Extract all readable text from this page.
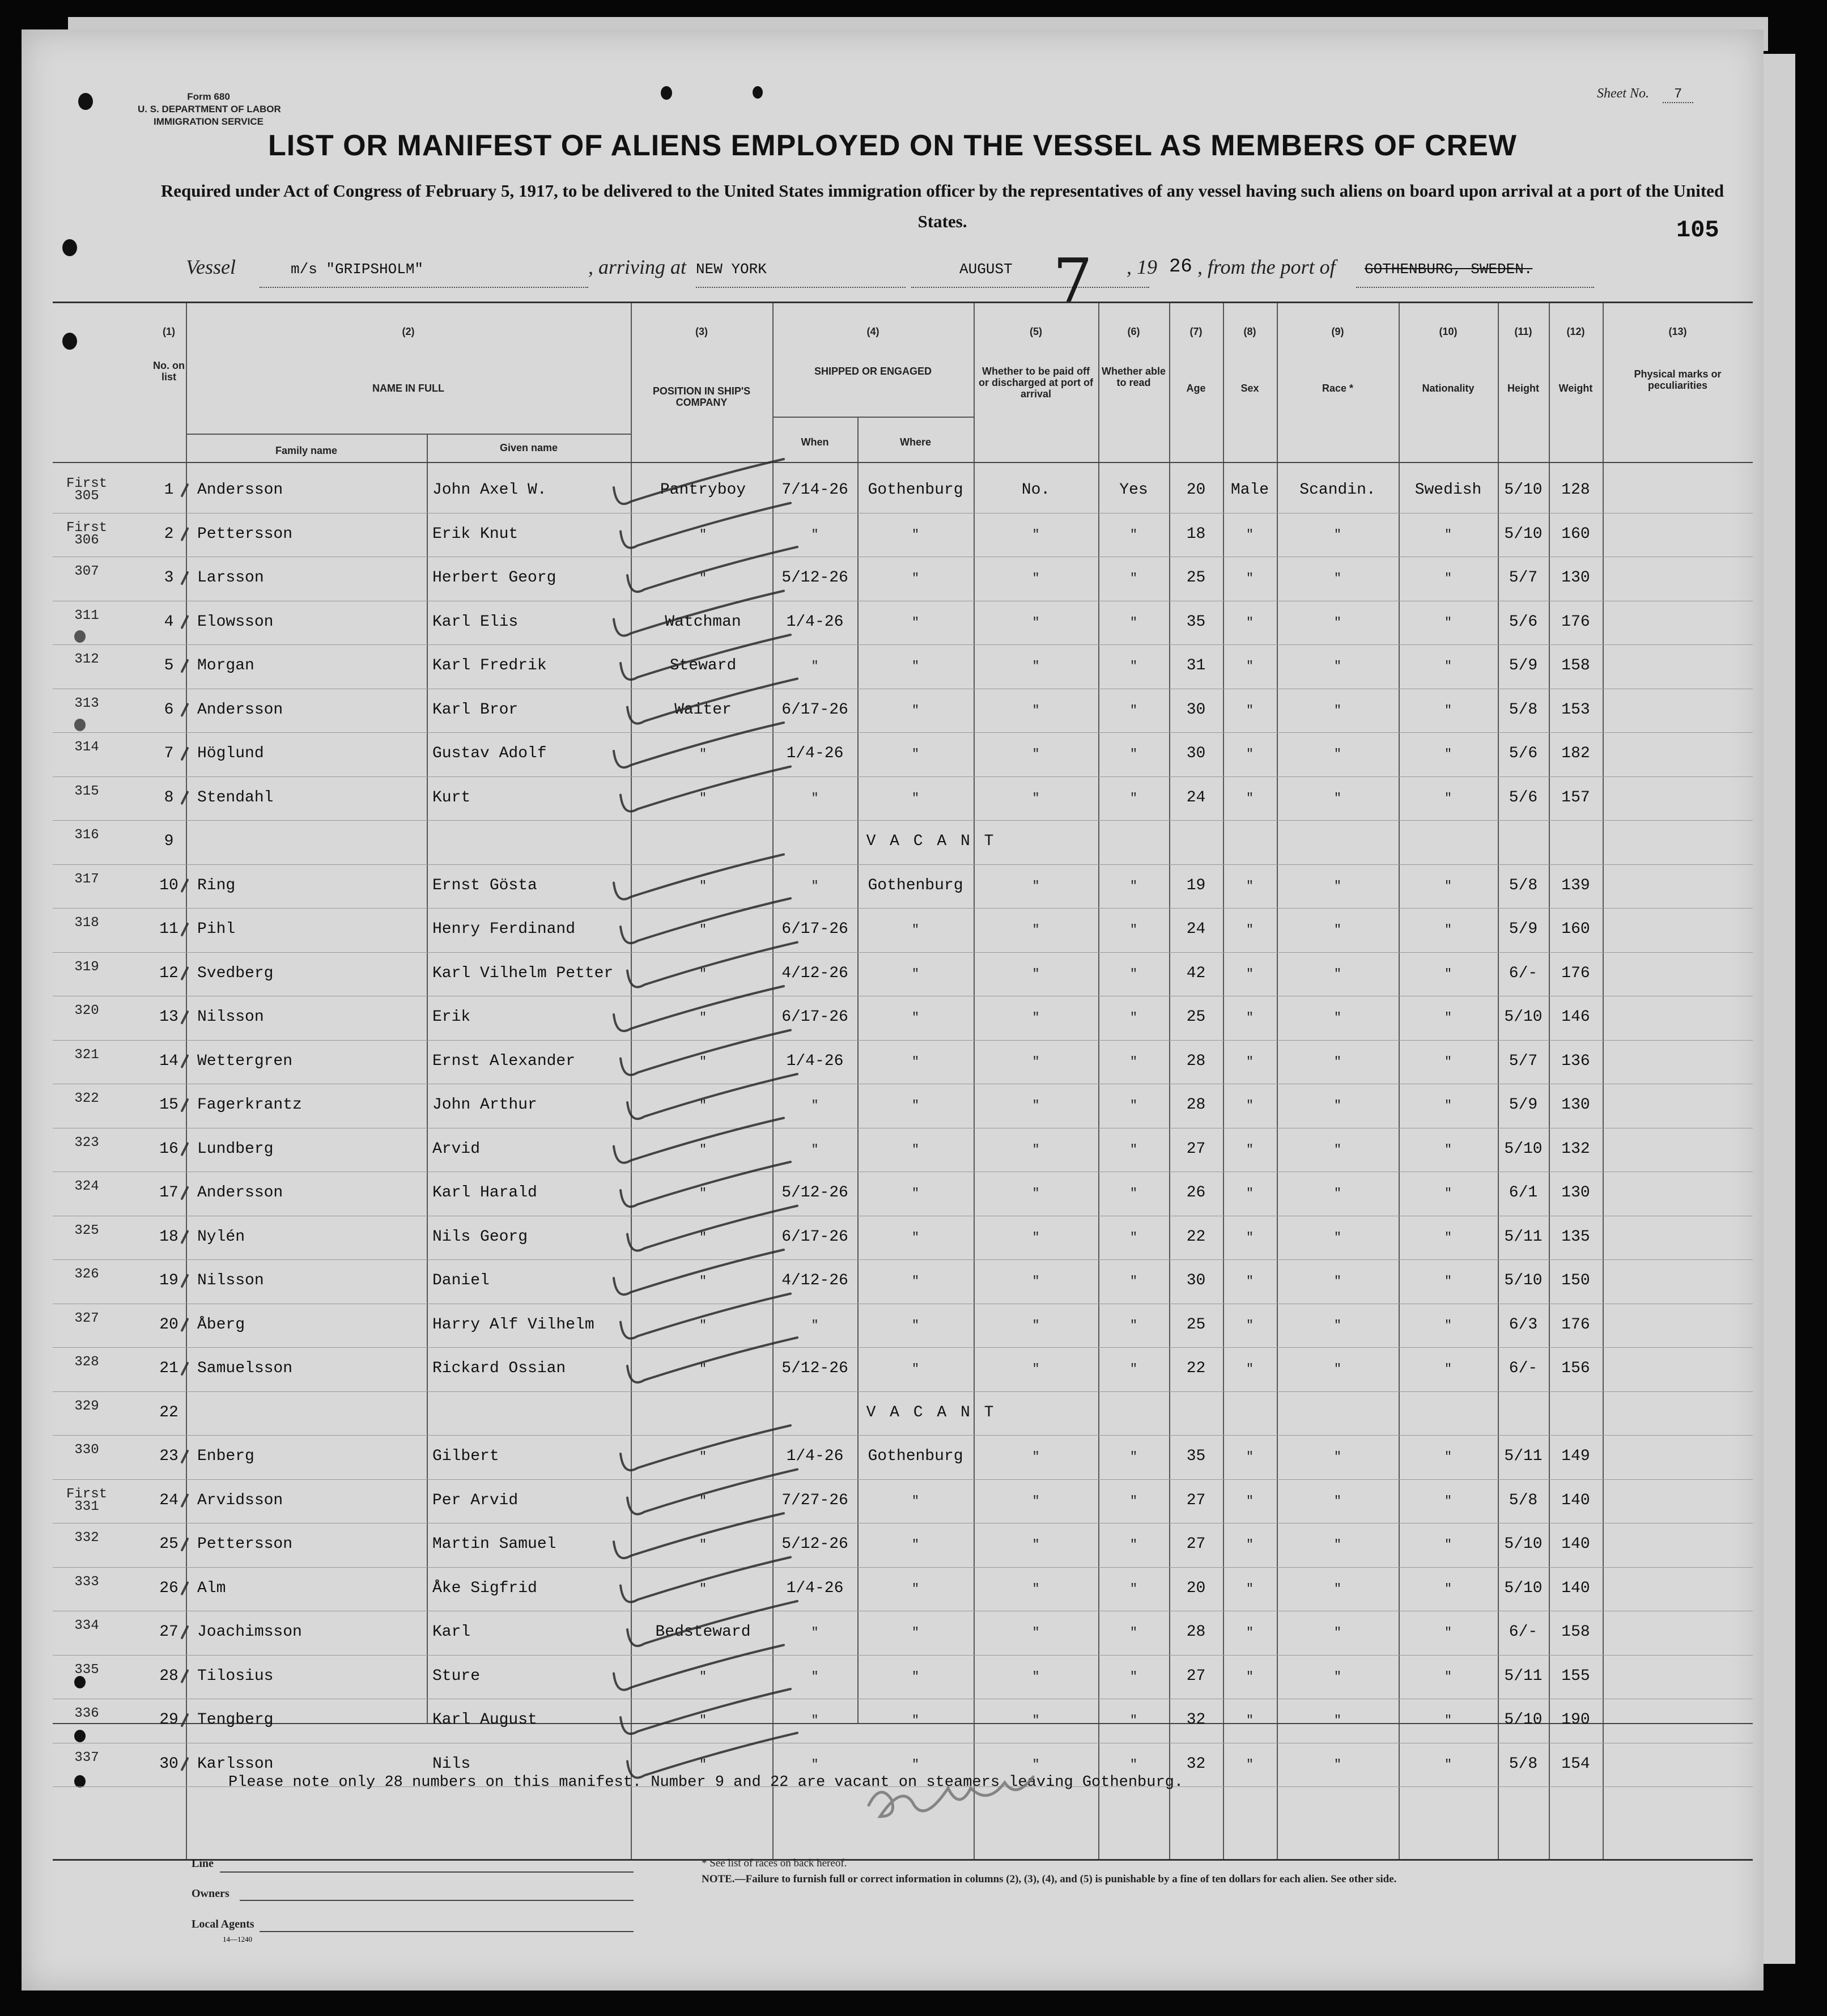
Form 680
U. S. DEPARTMENT OF LABOR
IMMIGRATION SERVICE
Sheet No. 7
LIST OR MANIFEST OF ALIENS EMPLOYED ON THE VESSEL AS MEMBERS OF CREW
Required under Act of Congress of February 5, 1917, to be delivered to the United States immigration officer by the representatives of any vessel having such aliens on board upon arrival at a port of the United States.	105
Vessel	m/s "GRIPSHOLM"	, arriving at NEW YORK	AUGUST 7 , 19 26 , from the port of GOTHENBURG, SWEDEN.
(1)
No. on list
(2)
NAME IN FULL
Family name	Given name
(3)
POSITION IN SHIP'S COMPANY
(4)
SHIPPED OR ENGAGED
When	Where
(5)
Whether to be paid off or discharged at port of arrival
(6)
Whether able to read
(7)
Age
(8)
Sex
(9)
Race *
(10)
Nationality
(11)
Height
(12)
Weight
(13)
Physical marks or peculiarities
First 305	1	Andersson	John Axel W.	Pantryboy	7/14-26	Gothenburg	No.	Yes	20	Male	Scandin.	Swedish	5/10	128
First 306	2	Pettersson	Erik Knut	"	"	"	"	"	18	"	"	"	5/10	160
307	3	Larsson	Herbert Georg	"	5/12-26	"	"	"	25	"	"	"	5/7	130
311	4	Elowsson	Karl Elis	Watchman	1/4-26	"	"	"	35	"	"	"	5/6	176
312	5	Morgan	Karl Fredrik	Steward	"	"	"	"	31	"	"	"	5/9	158
313	6	Andersson	Karl Bror	Waiter	6/17-26	"	"	"	30	"	"	"	5/8	153
314	7	Höglund	Gustav Adolf	"	1/4-26	"	"	"	30	"	"	"	5/6	182
315	8	Stendahl	Kurt	"	"	"	"	"	24	"	"	"	5/6	157
316	9	V A C A N T
317	10	Ring	Ernst Gösta	"	"	Gothenburg	"	"	19	"	"	"	5/8	139
318	11	Pihl	Henry Ferdinand	"	6/17-26	"	"	"	24	"	"	"	5/9	160
319	12	Svedberg	Karl Vilhelm Petter	"	4/12-26	"	"	"	42	"	"	"	6/-	176
320	13	Nilsson	Erik	"	6/17-26	"	"	"	25	"	"	"	5/10	146
321	14	Wettergren	Ernst Alexander	"	1/4-26	"	"	"	28	"	"	"	5/7	136
322	15	Fagerkrantz	John Arthur	"	"	"	"	"	28	"	"	"	5/9	130
323	16	Lundberg	Arvid	"	"	"	"	"	27	"	"	"	5/10	132
324	17	Andersson	Karl Harald	"	5/12-26	"	"	"	26	"	"	"	6/1	130
325	18	Nylén	Nils Georg	"	6/17-26	"	"	"	22	"	"	"	5/11	135
326	19	Nilsson	Daniel	"	4/12-26	"	"	"	30	"	"	"	5/10	150
327	20	Åberg	Harry Alf Vilhelm	"	"	"	"	"	25	"	"	"	6/3	176
328	21	Samuelsson	Rickard Ossian	"	5/12-26	"	"	"	22	"	"	"	6/-	156
329	22	V A C A N T
330	23	Enberg	Gilbert	"	1/4-26	Gothenburg	"	"	35	"	"	"	5/11	149
First 331	24	Arvidsson	Per Arvid	"	7/27-26	"	"	"	27	"	"	"	5/8	140
332	25	Pettersson	Martin Samuel	"	5/12-26	"	"	"	27	"	"	"	5/10	140
333	26	Alm	Åke Sigfrid	"	1/4-26	"	"	"	20	"	"	"	5/10	140
334	27	Joachimsson	Karl	Bedsteward	"	"	"	"	28	"	"	"	6/-	158
335	28	Tilosius	Sture	"	"	"	"	"	27	"	"	"	5/11	155
336	29	Tengberg	Karl August	"	"	"	"	"	32	"	"	"	5/10	190
337	30	Karlsson	Nils	"	"	"	"	"	32	"	"	"	5/8	154
Please note only 28 numbers on this manifest. Number 9 and 22 are vacant on steamers leaving Gothenburg.
Line
Owners
Local Agents
14—1240
* See list of races on back hereof.
NOTE.—Failure to furnish full or correct information in columns (2), (3), (4), and (5) is punishable by a fine of ten dollars for each alien. See other side.
